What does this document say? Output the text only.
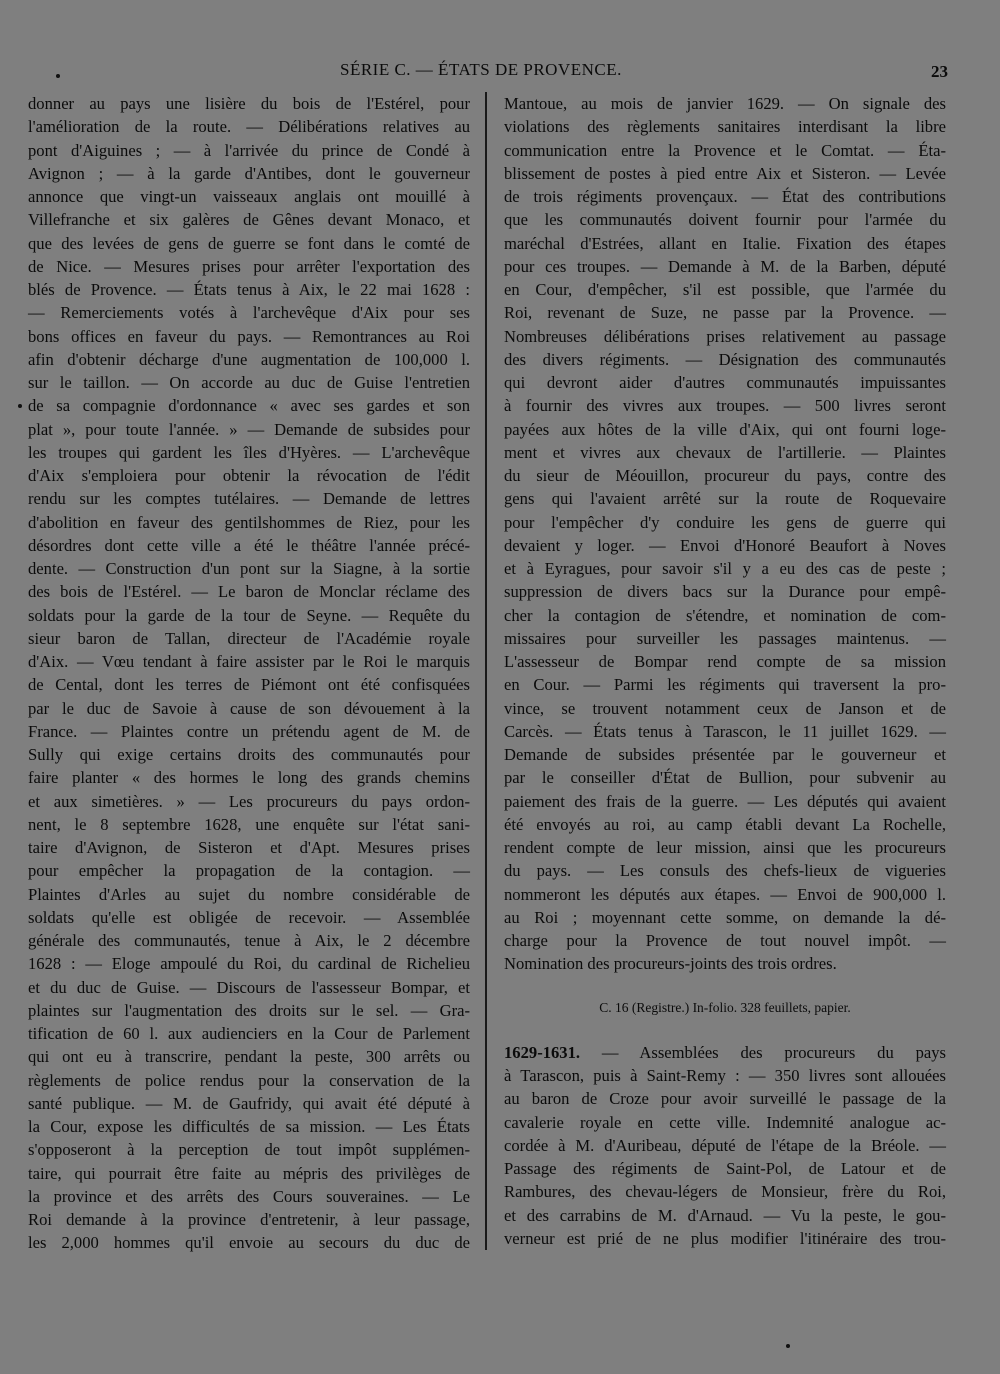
SÉRIE C. — ÉTATS DE PROVENCE.	23
donner au pays une lisière du bois de l'Estérel, pour
l'amélioration de la route. — Délibérations relatives au
pont d'Aiguines ; — à l'arrivée du prince de Condé à
Avignon ; — à la garde d'Antibes, dont le gouverneur
annonce que vingt-un vaisseaux anglais ont mouillé à
Villefranche et six galères de Gênes devant Monaco, et
que des levées de gens de guerre se font dans le comté de
de Nice. — Mesures prises pour arrêter l'exportation des
blés de Provence. — États tenus à Aix, le 22 mai 1628 :
— Remerciements votés à l'archevêque d'Aix pour ses
bons offices en faveur du pays. — Remontrances au Roi
afin d'obtenir décharge d'une augmentation de 100,000 l.
sur le taillon. — On accorde au duc de Guise l'entretien
de sa compagnie d'ordonnance « avec ses gardes et son
plat », pour toute l'année. » — Demande de subsides pour
les troupes qui gardent les îles d'Hyères. — L'archevêque
d'Aix s'emploiera pour obtenir la révocation de l'édit
rendu sur les comptes tutélaires. — Demande de lettres
d'abolition en faveur des gentilshommes de Riez, pour les
désordres dont cette ville a été le théâtre l'année précé-
dente. — Construction d'un pont sur la Siagne, à la sortie
des bois de l'Estérel. — Le baron de Monclar réclame des
soldats pour la garde de la tour de Seyne. — Requête du
sieur baron de Tallan, directeur de l'Académie royale
d'Aix. — Vœu tendant à faire assister par le Roi le marquis
de Cental, dont les terres de Piémont ont été confisquées
par le duc de Savoie à cause de son dévouement à la
France. — Plaintes contre un prétendu agent de M. de
Sully qui exige certains droits des communautés pour
faire planter « des hormes le long des grands chemins
et aux simetières. » — Les procureurs du pays ordon-
nent, le 8 septembre 1628, une enquête sur l'état sani-
taire d'Avignon, de Sisteron et d'Apt. Mesures prises
pour empêcher la propagation de la contagion. —
Plaintes d'Arles au sujet du nombre considérable de
soldats qu'elle est obligée de recevoir. — Assemblée
générale des communautés, tenue à Aix, le 2 décembre
1628 : — Eloge ampoulé du Roi, du cardinal de Richelieu
et du duc de Guise. — Discours de l'assesseur Bompar, et
plaintes sur l'augmentation des droits sur le sel. — Gra-
tification de 60 l. aux audienciers en la Cour de Parlement
qui ont eu à transcrire, pendant la peste, 300 arrêts ou
règlements de police rendus pour la conservation de la
santé publique. — M. de Gaufridy, qui avait été député à
la Cour, expose les difficultés de sa mission. — Les États
s'opposeront à la perception de tout impôt supplémen-
taire, qui pourrait être faite au mépris des privilèges de
la province et des arrêts des Cours souveraines. — Le
Roi demande à la province d'entretenir, à leur passage,
les 2,000 hommes qu'il envoie au secours du duc de
Mantoue, au mois de janvier 1629. — On signale des
violations des règlements sanitaires interdisant la libre
communication entre la Provence et le Comtat. — Éta-
blissement de postes à pied entre Aix et Sisteron. — Levée
de trois régiments provençaux. — État des contributions
que les communautés doivent fournir pour l'armée du
maréchal d'Estrées, allant en Italie. Fixation des étapes
pour ces troupes. — Demande à M. de la Barben, député
en Cour, d'empêcher, s'il est possible, que l'armée du
Roi, revenant de Suze, ne passe par la Provence. —
Nombreuses délibérations prises relativement au passage
des divers régiments. — Désignation des communautés
qui devront aider d'autres communautés impuissantes
à fournir des vivres aux troupes. — 500 livres seront
payées aux hôtes de la ville d'Aix, qui ont fourni loge-
ment et vivres aux chevaux de l'artillerie. — Plaintes
du sieur de Méouillon, procureur du pays, contre des
gens qui l'avaient arrêté sur la route de Roquevaire
pour l'empêcher d'y conduire les gens de guerre qui
devaient y loger. — Envoi d'Honoré Beaufort à Noves
et à Eyragues, pour savoir s'il y a eu des cas de peste ;
suppression de divers bacs sur la Durance pour empê-
cher la contagion de s'étendre, et nomination de com-
missaires pour surveiller les passages maintenus. —
L'assesseur de Bompar rend compte de sa mission
en Cour. — Parmi les régiments qui traversent la pro-
vince, se trouvent notamment ceux de Janson et de
Carcès. — États tenus à Tarascon, le 11 juillet 1629. —
Demande de subsides présentée par le gouverneur et
par le conseiller d'État de Bullion, pour subvenir au
paiement des frais de la guerre. — Les députés qui avaient
été envoyés au roi, au camp établi devant La Rochelle,
rendent compte de leur mission, ainsi que les procureurs
du pays. — Les consuls des chefs-lieux de vigueries
nommeront les députés aux étapes. — Envoi de 900,000 l.
au Roi ; moyennant cette somme, on demande la dé-
charge pour la Provence de tout nouvel impôt. —
Nomination des procureurs-joints des trois ordres.
C. 16 (Registre.) In-folio. 328 feuillets, papier.
1629-1631. — Assemblées des procureurs du pays
à Tarascon, puis à Saint-Remy : — 350 livres sont allouées
au baron de Croze pour avoir surveillé le passage de la
cavalerie royale en cette ville. Indemnité analogue ac-
cordée à M. d'Auribeau, député de l'étape de la Bréole. —
Passage des régiments de Saint-Pol, de Latour et de
Rambures, des chevau-légers de Monsieur, frère du Roi,
et des carrabins de M. d'Arnaud. — Vu la peste, le gou-
verneur est prié de ne plus modifier l'itinéraire des trou-
